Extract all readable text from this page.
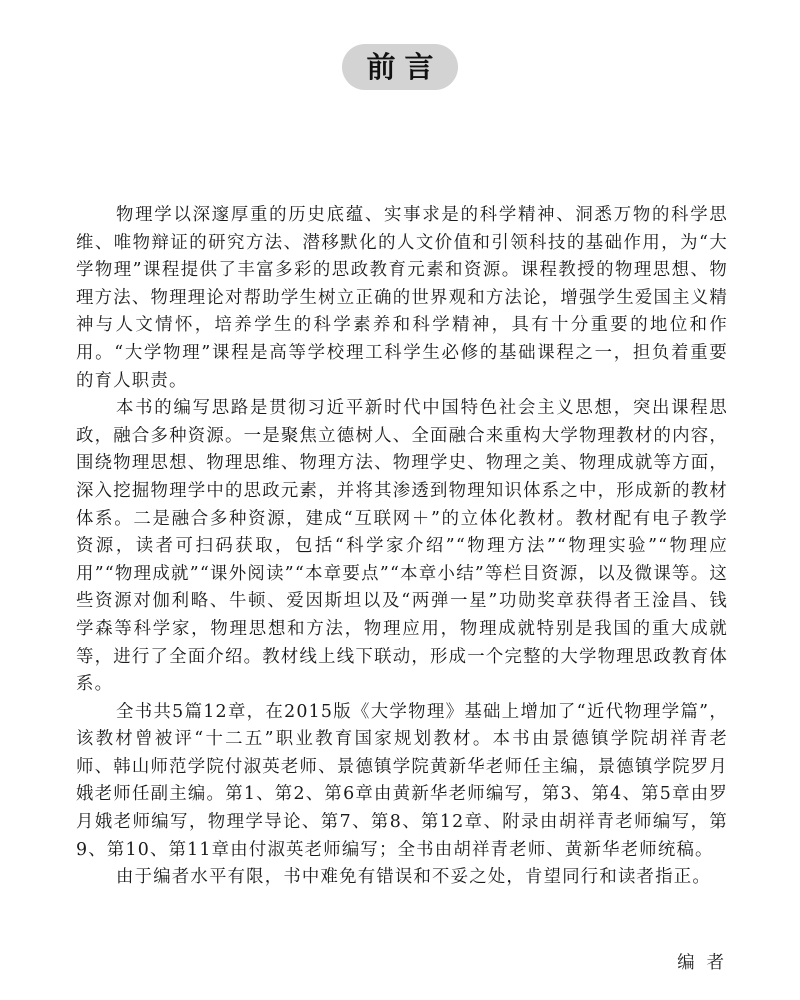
前言

物理学以深邃厚重的历史底蕴、实事求是的科学精神、洞悉万物的科学思维、唯物辩证的研究方法、潜移默化的人文价值和引领科技的基础作用，为“大学物理”课程提供了丰富多彩的思政教育元素和资源。课程教授的物理思想、物理方法、物理理论对帮助学生树立正确的世界观和方法论，增强学生爱国主义精神与人文情怀，培养学生的科学素养和科学精神，具有十分重要的地位和作用。“大学物理”课程是高等学校理工科学生必修的基础课程之一，担负着重要的育人职责。

本书的编写思路是贯彻习近平新时代中国特色社会主义思想，突出课程思政，融合多种资源。一是聚焦立德树人、全面融合来重构大学物理教材的内容，围绕物理思想、物理思维、物理方法、物理学史、物理之美、物理成就等方面，深入挖掘物理学中的思政元素，并将其渗透到物理知识体系之中，形成新的教材体系。二是融合多种资源，建成“互联网＋”的立体化教材。教材配有电子教学资源，读者可扫码获取，包括“科学家介绍”“物理方法”“物理实验”“物理应用”“物理成就”“课外阅读”“本章要点”“本章小结”等栏目资源，以及微课等。这些资源对伽利略、牛顿、爱因斯坦以及“两弹一星”功勋奖章获得者王淦昌、钱学森等科学家，物理思想和方法，物理应用，物理成就特别是我国的重大成就等，进行了全面介绍。教材线上线下联动，形成一个完整的大学物理思政教育体系。

全书共5篇12章，在2015版《大学物理》基础上增加了“近代物理学篇”，该教材曾被评“十二五”职业教育国家规划教材。本书由景德镇学院胡祥青老师、韩山师范学院付淑英老师、景德镇学院黄新华老师任主编，景德镇学院罗月娥老师任副主编。第1、第2、第6章由黄新华老师编写，第3、第4、第5章由罗月娥老师编写，物理学导论、第7、第8、第12章、附录由胡祥青老师编写，第9、第10、第11章由付淑英老师编写；全书由胡祥青老师、黄新华老师统稿。

由于编者水平有限，书中难免有错误和不妥之处，肯望同行和读者指正。

编者
